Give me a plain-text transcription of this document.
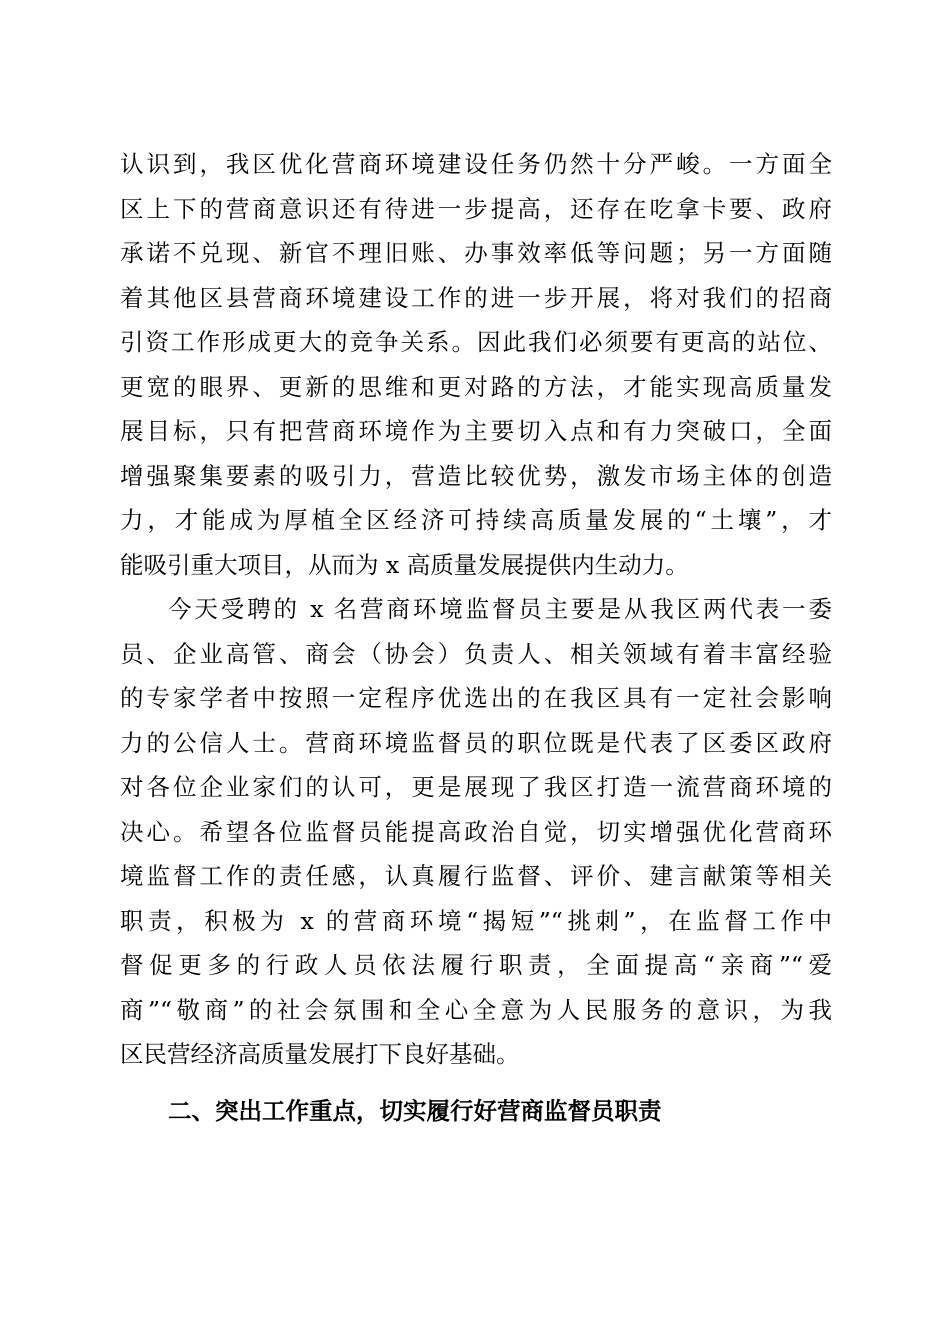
认识到，我区优化营商环境建设任务仍然十分严峻。一方面全
区上下的营商意识还有待进一步提高，还存在吃拿卡要、政府
承诺不兑现、新官不理旧账、办事效率低等问题；另一方面随
着其他区县营商环境建设工作的进一步开展，将对我们的招商
引资工作形成更大的竞争关系。因此我们必须要有更高的站位、
更宽的眼界、更新的思维和更对路的方法，才能实现高质量发
展目标，只有把营商环境作为主要切入点和有力突破口，全面
增强聚集要素的吸引力，营造比较优势，激发市场主体的创造
力，才能成为厚植全区经济可持续高质量发展的“土壤”，才
能吸引重大项目，从而为 x 高质量发展提供内生动力。
今天受聘的 x 名营商环境监督员主要是从我区两代表一委
员、企业高管、商会（协会）负责人、相关领域有着丰富经验
的专家学者中按照一定程序优选出的在我区具有一定社会影响
力的公信人士。营商环境监督员的职位既是代表了区委区政府
对各位企业家们的认可，更是展现了我区打造一流营商环境的
决心。希望各位监督员能提高政治自觉，切实增强优化营商环
境监督工作的责任感，认真履行监督、评价、建言献策等相关
职责，积极为 x 的营商环境“揭短”“挑刺”，在监督工作中
督促更多的行政人员依法履行职责，全面提高“亲商”“爱
商”“敬商”的社会氛围和全心全意为人民服务的意识，为我
区民营经济高质量发展打下良好基础。
二、突出工作重点，切实履行好营商监督员职责
